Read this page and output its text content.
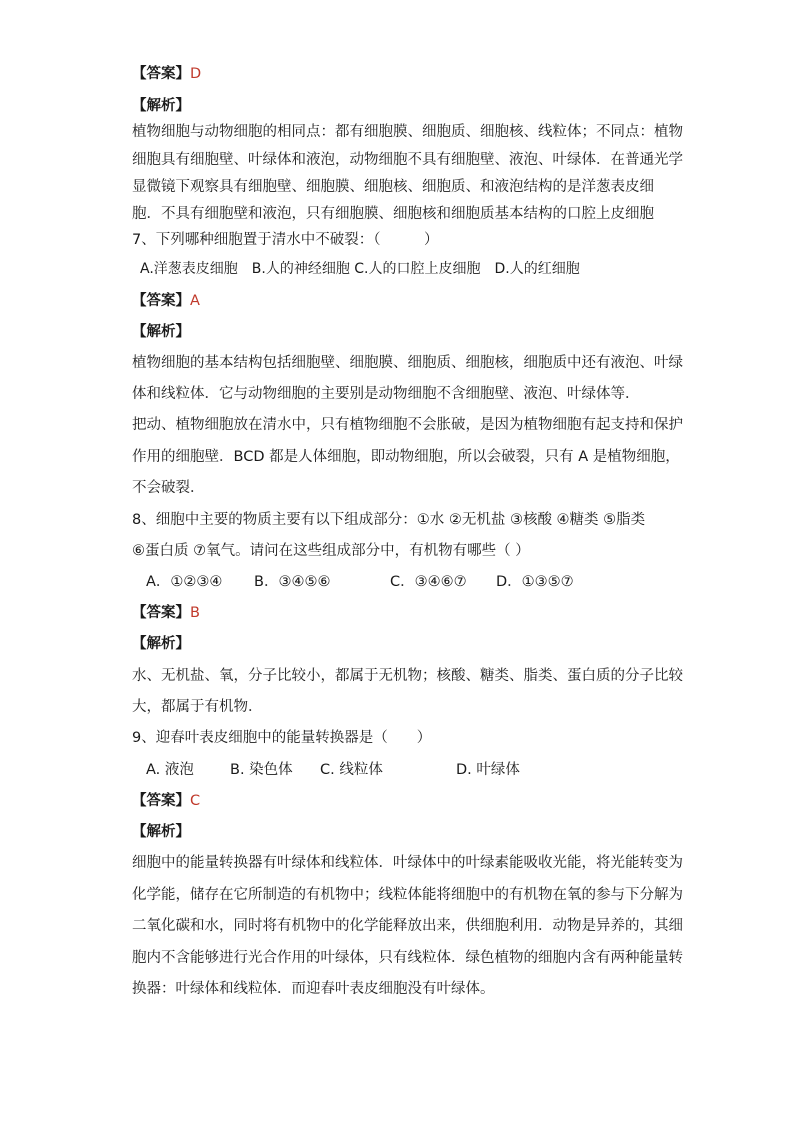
【答案】D
【解析】
植物细胞与动物细胞的相同点：都有细胞膜、细胞质、细胞核、线粒体；不同点：植物
细胞具有细胞壁、叶绿体和液泡，动物细胞不具有细胞壁、液泡、叶绿体．在普通光学
显微镜下观察具有细胞壁、细胞膜、细胞核、细胞质、和液泡结构的是洋葱表皮细
胞．不具有细胞壁和液泡，只有细胞膜、细胞核和细胞质基本结构的口腔上皮细胞
7、下列哪种细胞置于清水中不破裂：（　　　）
A.洋葱表皮细胞　B.人的神经细胞 C.人的口腔上皮细胞　D.人的红细胞
【答案】A
【解析】
植物细胞的基本结构包括细胞壁、细胞膜、细胞质、细胞核，细胞质中还有液泡、叶绿
体和线粒体．它与动物细胞的主要别是动物细胞不含细胞壁、液泡、叶绿体等．
把动、植物细胞放在清水中，只有植物细胞不会胀破，是因为植物细胞有起支持和保护
作用的细胞壁．BCD 都是人体细胞，即动物细胞，所以会破裂，只有 A 是植物细胞，
不会破裂．
8、细胞中主要的物质主要有以下组成部分：①水 ②无机盐 ③核酸 ④糖类 ⑤脂类
⑥蛋白质 ⑦氧气。请问在这些组成部分中，有机物有哪些（ ）
A．①②③④ B．③④⑤⑥	C．③④⑥⑦ D．①③⑤⑦
【答案】B
【解析】
水、无机盐、氧，分子比较小，都属于无机物；核酸、糖类、脂类、蛋白质的分子比较
大，都属于有机物．
9、迎春叶表皮细胞中的能量转换器是（　　）
A. 液泡 B. 染色体 C. 线粒体	D. 叶绿体
【答案】C
【解析】
细胞中的能量转换器有叶绿体和线粒体．叶绿体中的叶绿素能吸收光能，将光能转变为
化学能，储存在它所制造的有机物中；线粒体能将细胞中的有机物在氧的参与下分解为
二氧化碳和水，同时将有机物中的化学能释放出来，供细胞利用．动物是异养的，其细
胞内不含能够进行光合作用的叶绿体，只有线粒体．绿色植物的细胞内含有两种能量转
换器：叶绿体和线粒体．而迎春叶表皮细胞没有叶绿体。
